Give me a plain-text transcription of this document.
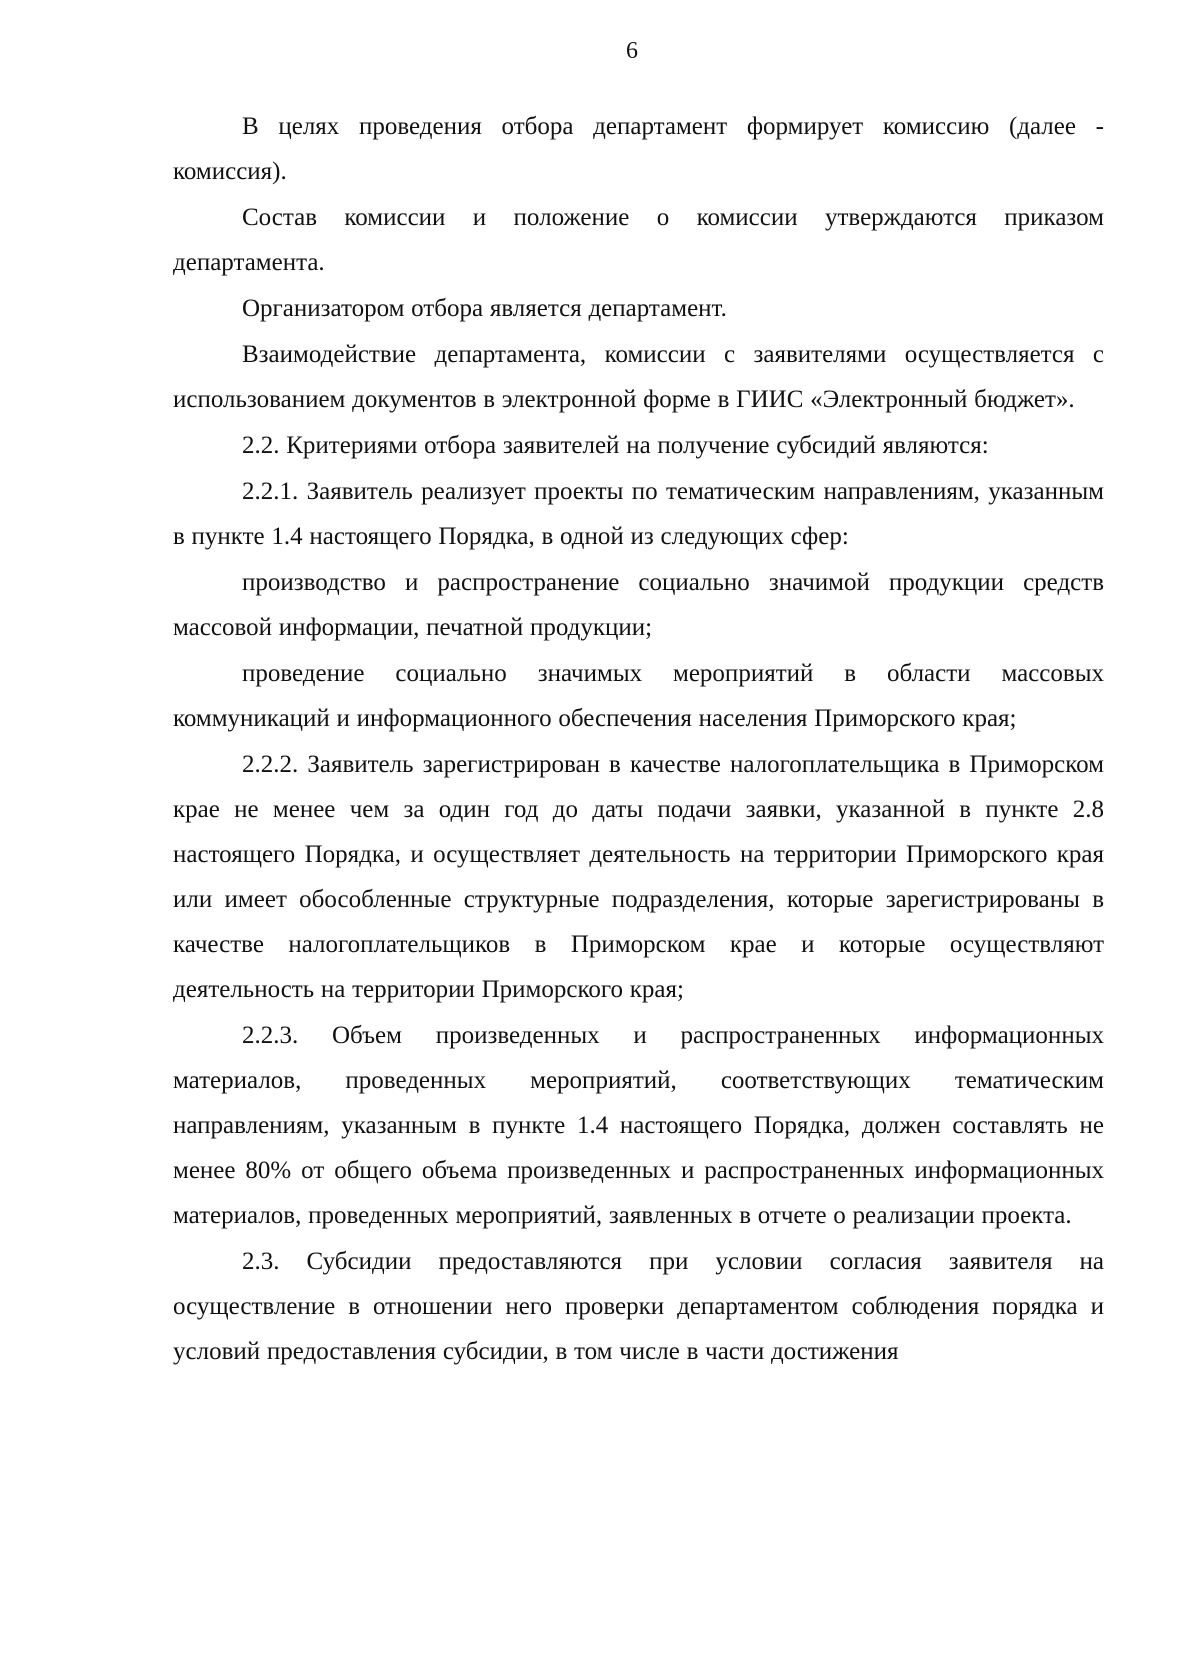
6

В целях проведения отбора департамент формирует комиссию (далее - комиссия).

Состав комиссии и положение о комиссии утверждаются приказом департамента.

Организатором отбора является департамент.

Взаимодействие департамента, комиссии с заявителями осуществляется с использованием документов в электронной форме в ГИИС «Электронный бюджет».

2.2. Критериями отбора заявителей на получение субсидий являются:

2.2.1. Заявитель реализует проекты по тематическим направлениям, указанным в пункте 1.4 настоящего Порядка, в одной из следующих сфер:

производство и распространение социально значимой продукции средств массовой информации, печатной продукции;

проведение социально значимых мероприятий в области массовых коммуникаций и информационного обеспечения населения Приморского края;

2.2.2. Заявитель зарегистрирован в качестве налогоплательщика в Приморском крае не менее чем за один год до даты подачи заявки, указанной в пункте 2.8 настоящего Порядка, и осуществляет деятельность на территории Приморского края или имеет обособленные структурные подразделения, которые зарегистрированы в качестве налогоплательщиков в Приморском крае и которые осуществляют деятельность на территории Приморского края;

2.2.3. Объем произведенных и распространенных информационных материалов, проведенных мероприятий, соответствующих тематическим направлениям, указанным в пункте 1.4 настоящего Порядка, должен составлять не менее 80% от общего объема произведенных и распространенных информационных материалов, проведенных мероприятий, заявленных в отчете о реализации проекта.

2.3. Субсидии предоставляются при условии согласия заявителя на осуществление в отношении него проверки департаментом соблюдения порядка и условий предоставления субсидии, в том числе в части достижения
